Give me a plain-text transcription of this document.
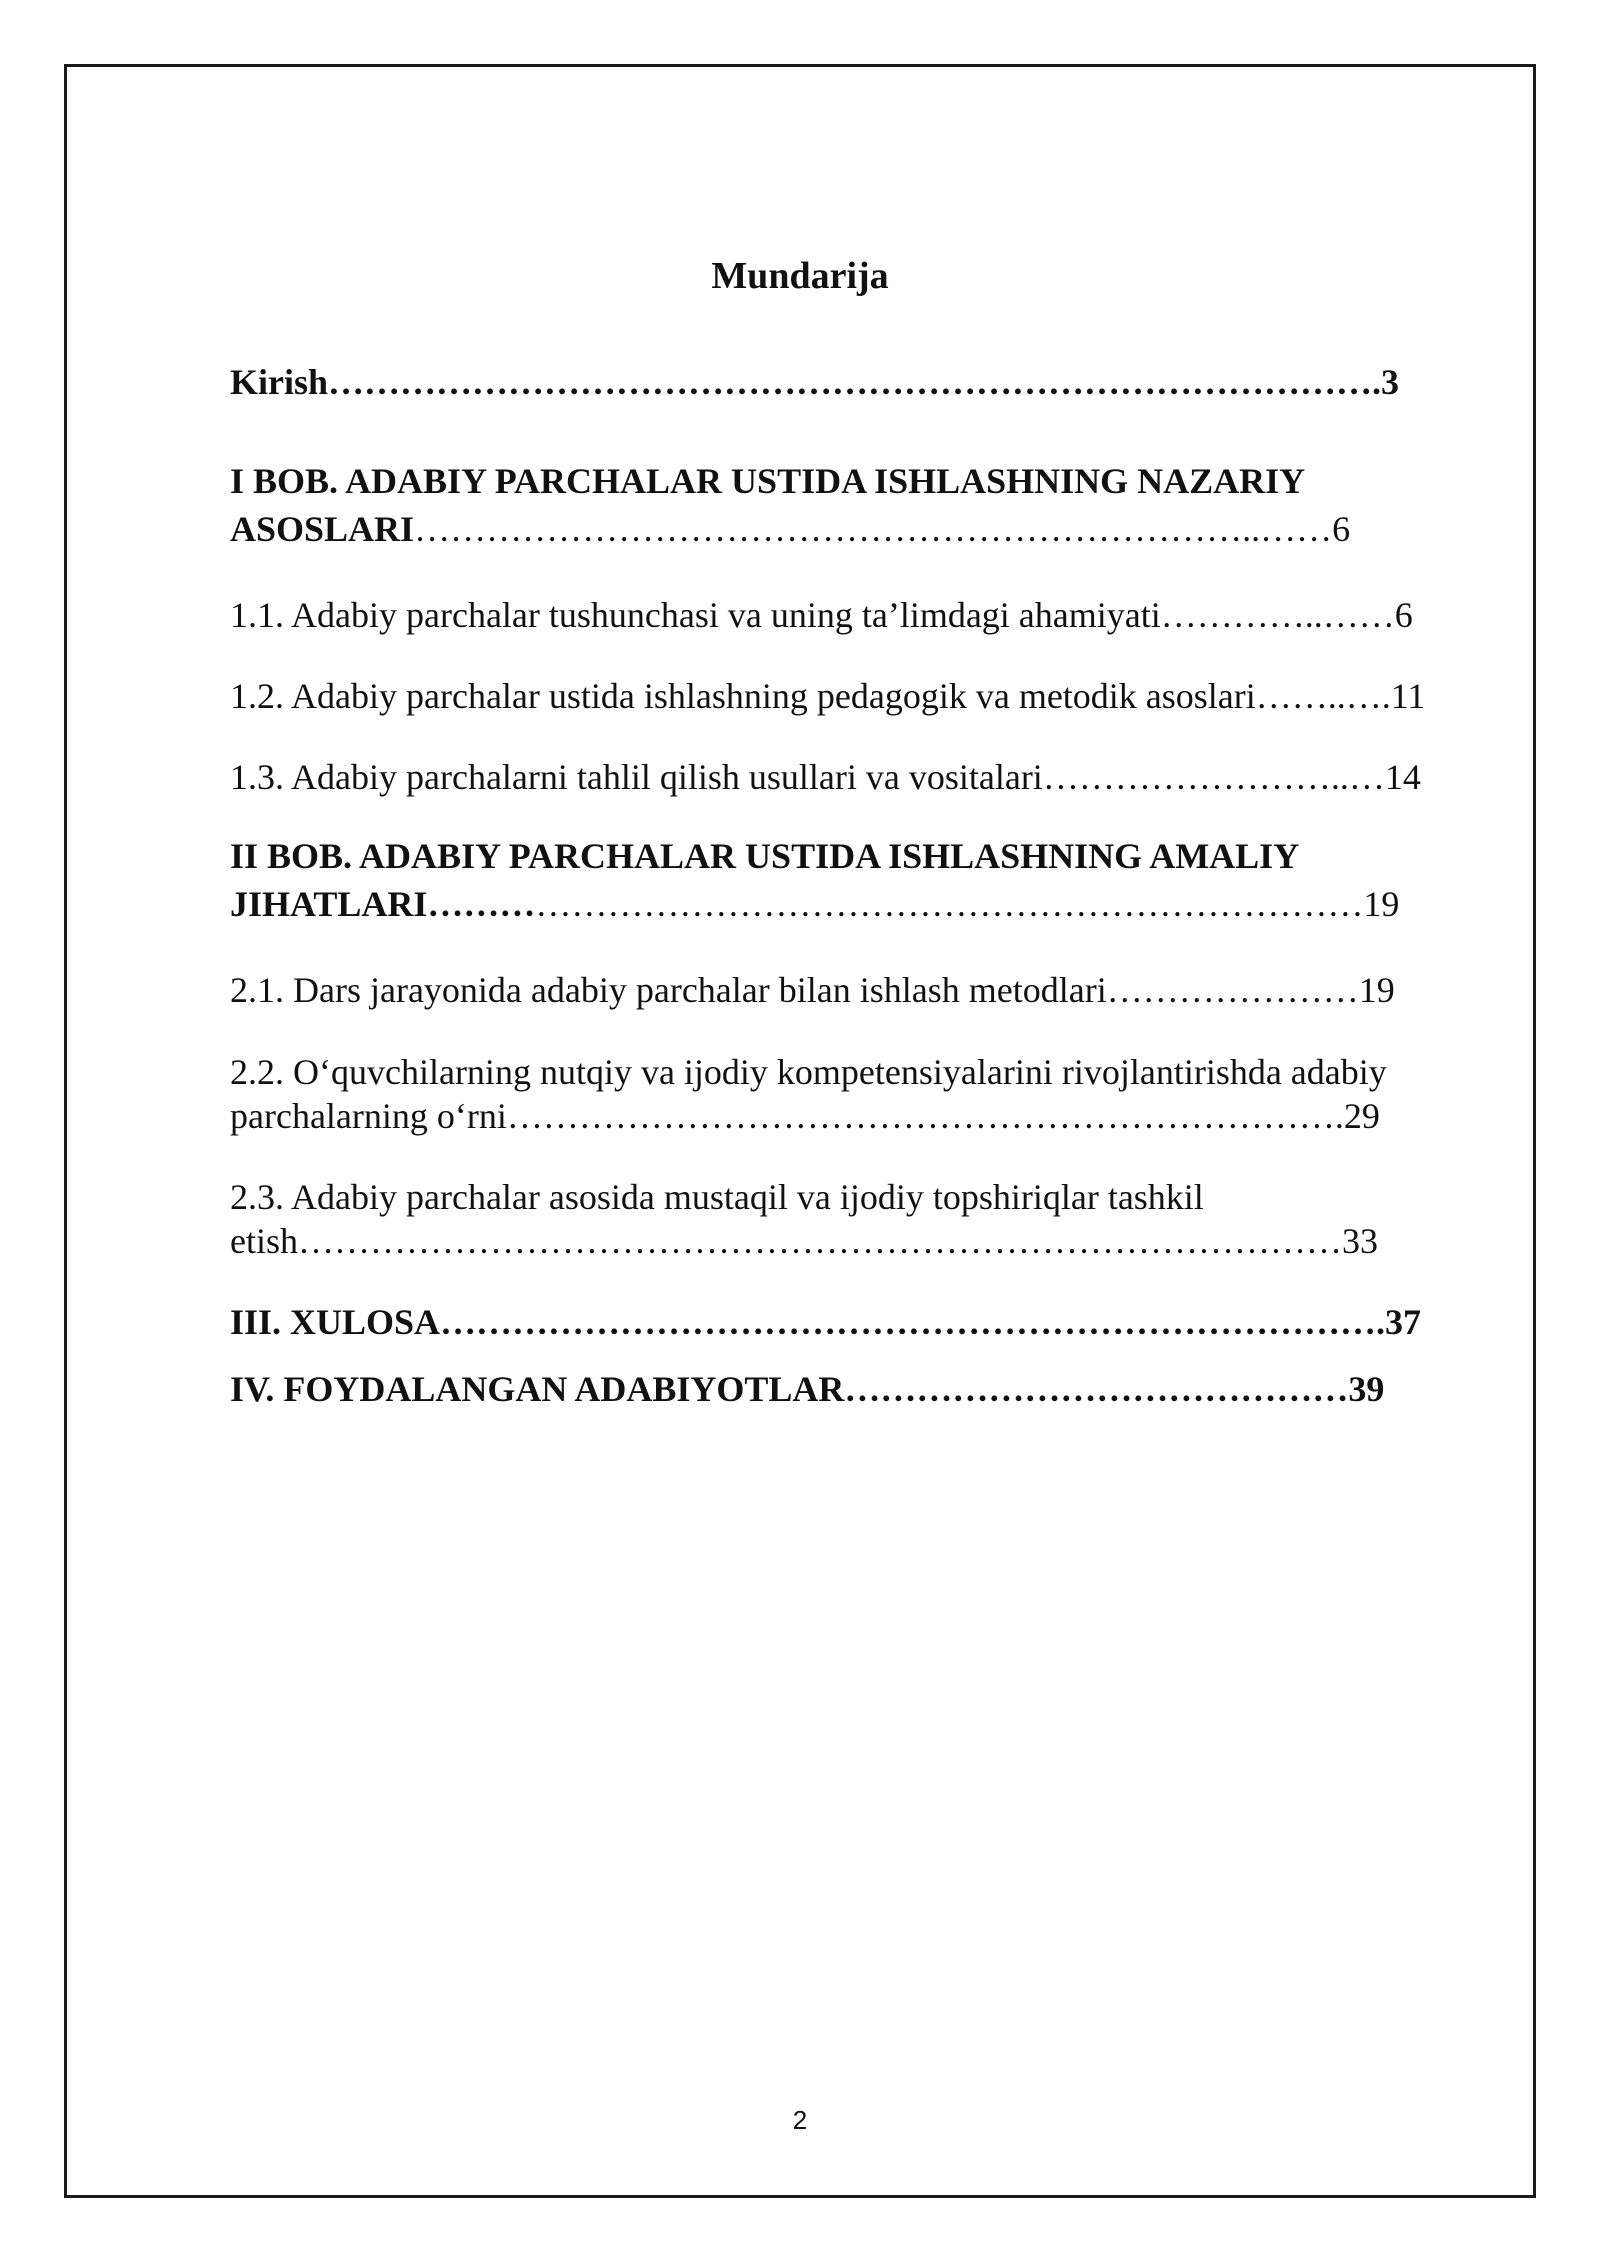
Mundarija
Kirish…………………………………………………………………………….3
I BOB. ADABIY PARCHALAR USTIDA ISHLASHNING NAZARIY
ASOSLARI……………………………………………………………..……6
1.1. Adabiy parchalar tushunchasi va uning ta’limdagi ahamiyati…………..……6
1.2. Adabiy parchalar ustida ishlashning pedagogik va metodik asoslari……..….11
1.3. Adabiy parchalarni tahlil qilish usullari va vositalari……………………..…14
II BOB. ADABIY PARCHALAR USTIDA ISHLASHNING AMALIY
JIHATLARI……………………………………………………………………19
2.1. Dars jarayonida adabiy parchalar bilan ishlash metodlari…………………19
2.2. O‘quvchilarning nutqiy va ijodiy kompetensiyalarini rivojlantirishda adabiy
parchalarning o‘rni…………………………………………………………….29
2.3. Adabiy parchalar asosida mustaqil va ijodiy topshiriqlar tashkil
etish……………………………………………………………………………33
III. XULOSA…………………………………………………………………….37
IV. FOYDALANGAN ADABIYOTLAR……………………………………39
2
